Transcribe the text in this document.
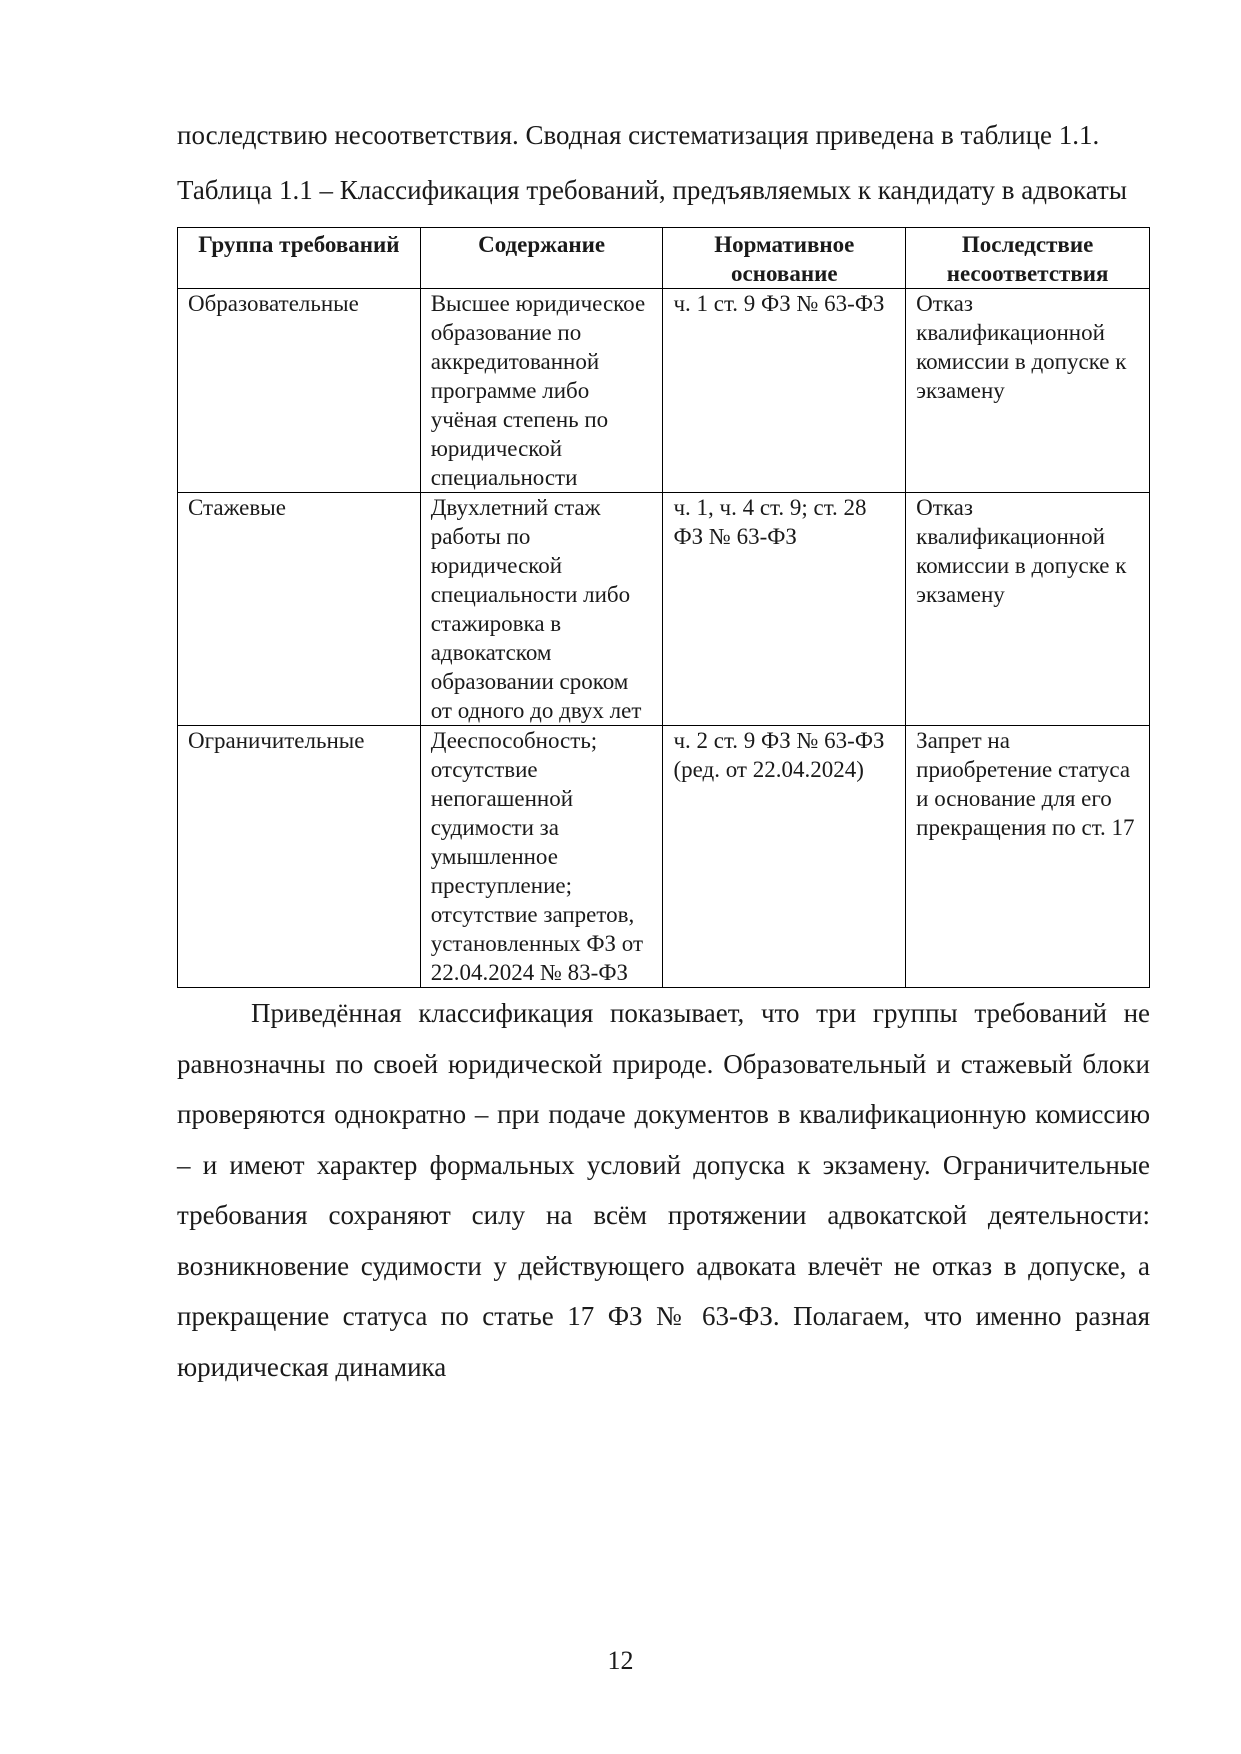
последствию несоответствия. Сводная систематизация приведена в таблице 1.1.

Таблица 1.1 – Классификация требований, предъявляемых к кандидату в адвокаты

Группа требований	Содержание	Нормативное основание	Последствие несоответствия
Образовательные	Высшее юридическое образование по аккредитованной программе либо учёная степень по юридической специальности	ч. 1 ст. 9 ФЗ № 63-ФЗ	Отказ квалификационной комиссии в допуске к экзамену
Стажевые	Двухлетний стаж работы по юридической специальности либо стажировка в адвокатском образовании сроком от одного до двух лет	ч. 1, ч. 4 ст. 9; ст. 28 ФЗ № 63-ФЗ	Отказ квалификационной комиссии в допуске к экзамену
Ограничительные	Дееспособность; отсутствие непогашенной судимости за умышленное преступление; отсутствие запретов, установленных ФЗ от 22.04.2024 № 83-ФЗ	ч. 2 ст. 9 ФЗ № 63-ФЗ (ред. от 22.04.2024)	Запрет на приобретение статуса и основание для его прекращения по ст. 17

Приведённая классификация показывает, что три группы требований не равнозначны по своей юридической природе. Образовательный и стажевый блоки проверяются однократно – при подаче документов в квалификационную комиссию – и имеют характер формальных условий допуска к экзамену. Ограничительные требования сохраняют силу на всём протяжении адвокатской деятельности: возникновение судимости у действующего адвоката влечёт не отказ в допуске, а прекращение статуса по статье 17 ФЗ № 63-ФЗ. Полагаем, что именно разная юридическая динамика

12
